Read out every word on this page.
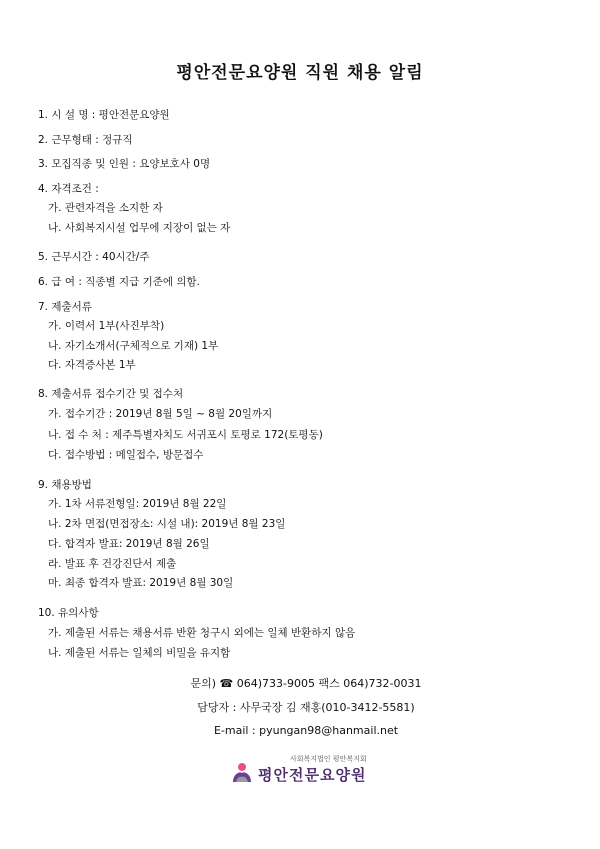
평안전문요양원 직원 채용 알림
1. 시 설 명 : 평안전문요양원
2. 근무형태 : 정규직
3. 모집직종 및 인원 : 요양보호사 0명
4. 자격조건 :
가. 관련자격을 소지한 자
나. 사회복지시설 업무에 지장이 없는 자
5. 근무시간 : 40시간/주
6. 급 여 : 직종별 지급 기준에 의함.
7. 제출서류
가. 이력서 1부(사진부착)
나. 자기소개서(구체적으로 기재) 1부
다. 자격증사본 1부
8. 제출서류 접수기간 및 접수처
가. 접수기간 : 2019년 8월 5일 ~ 8월 20일까지
나. 접 수 처 : 제주특별자치도 서귀포시 토평로 172(토평동)
다. 접수방법 : 메일접수, 방문접수
9. 채용방법
가. 1차 서류전형일: 2019년 8월 22일
나. 2차 면접(면접장소: 시설 내): 2019년 8월 23일
다. 합격자 발표: 2019년 8월 26일
라. 발표 후 건강진단서 제출
마. 최종 합격자 발표: 2019년 8월 30일
10. 유의사항
가. 제출된 서류는 채용서류 반환 청구시 외에는 일체 반환하지 않음
나. 제출된 서류는 일체의 비밀을 유지함
문의) ☎ 064)733-9005 팩스 064)732-0031
담당자 : 사무국장 김 재홍(010-3412-5581)
E-mail : pyungan98@hanmail.net
사회복지법인 평안복지회
평안전문요양원
